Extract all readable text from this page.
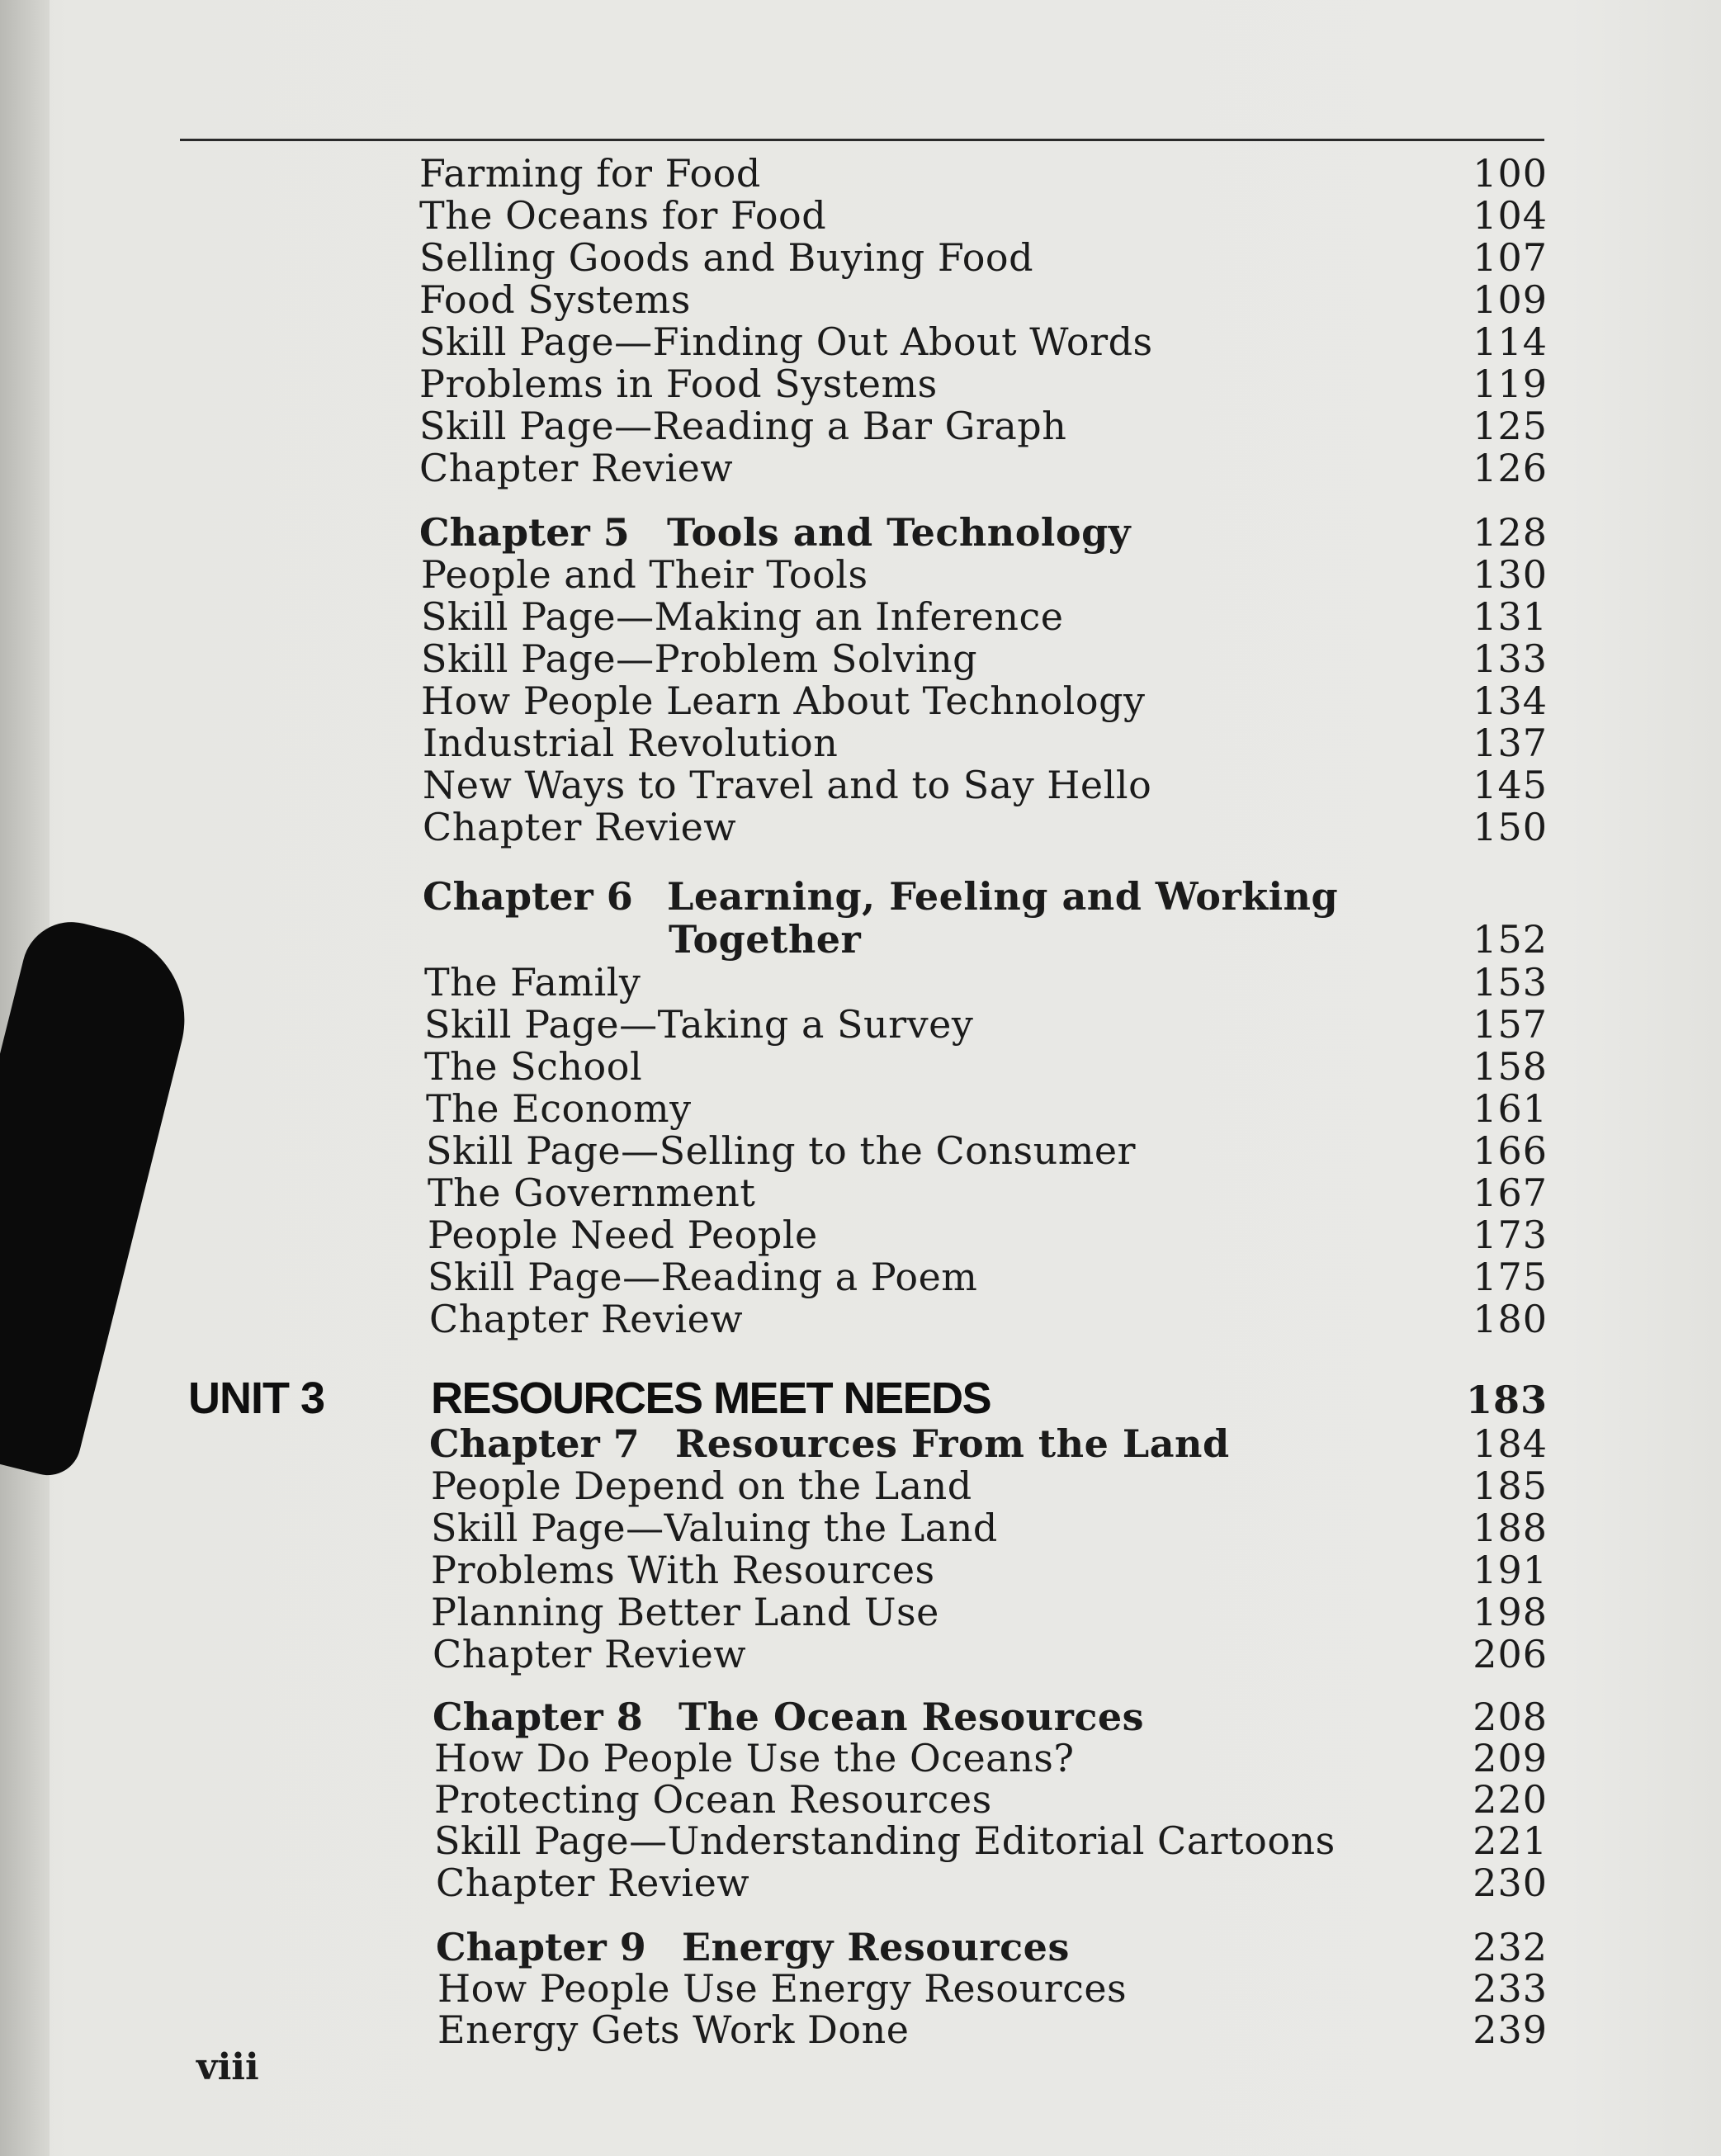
Farming for Food	100
The Oceans for Food	104
Selling Goods and Buying Food	107
Food Systems	109
Skill Page—Finding Out About Words	114
Problems in Food Systems	119
Skill Page—Reading a Bar Graph	125
Chapter Review	126
Chapter 5 Tools and Technology	128
People and Their Tools	130
Skill Page—Making an Inference	131
Skill Page—Problem Solving	133
How People Learn About Technology	134
Industrial Revolution	137
New Ways to Travel and to Say Hello	145
Chapter Review	150
Chapter 6 Learning, Feeling and Working
Together	152
The Family	153
Skill Page—Taking a Survey	157
The School	158
The Economy	161
Skill Page—Selling to the Consumer	166
The Government	167
People Need People	173
Skill Page—Reading a Poem	175
Chapter Review	180
UNIT 3 RESOURCES MEET NEEDS	183
Chapter 7 Resources From the Land	184
People Depend on the Land	185
Skill Page—Valuing the Land	188
Problems With Resources	191
Planning Better Land Use	198
Chapter Review	206
Chapter 8 The Ocean Resources	208
How Do People Use the Oceans?	209
Protecting Ocean Resources	220
Skill Page—Understanding Editorial Cartoons	221
Chapter Review	230
Chapter 9 Energy Resources	232
How People Use Energy Resources	233
Energy Gets Work Done	239
viii
